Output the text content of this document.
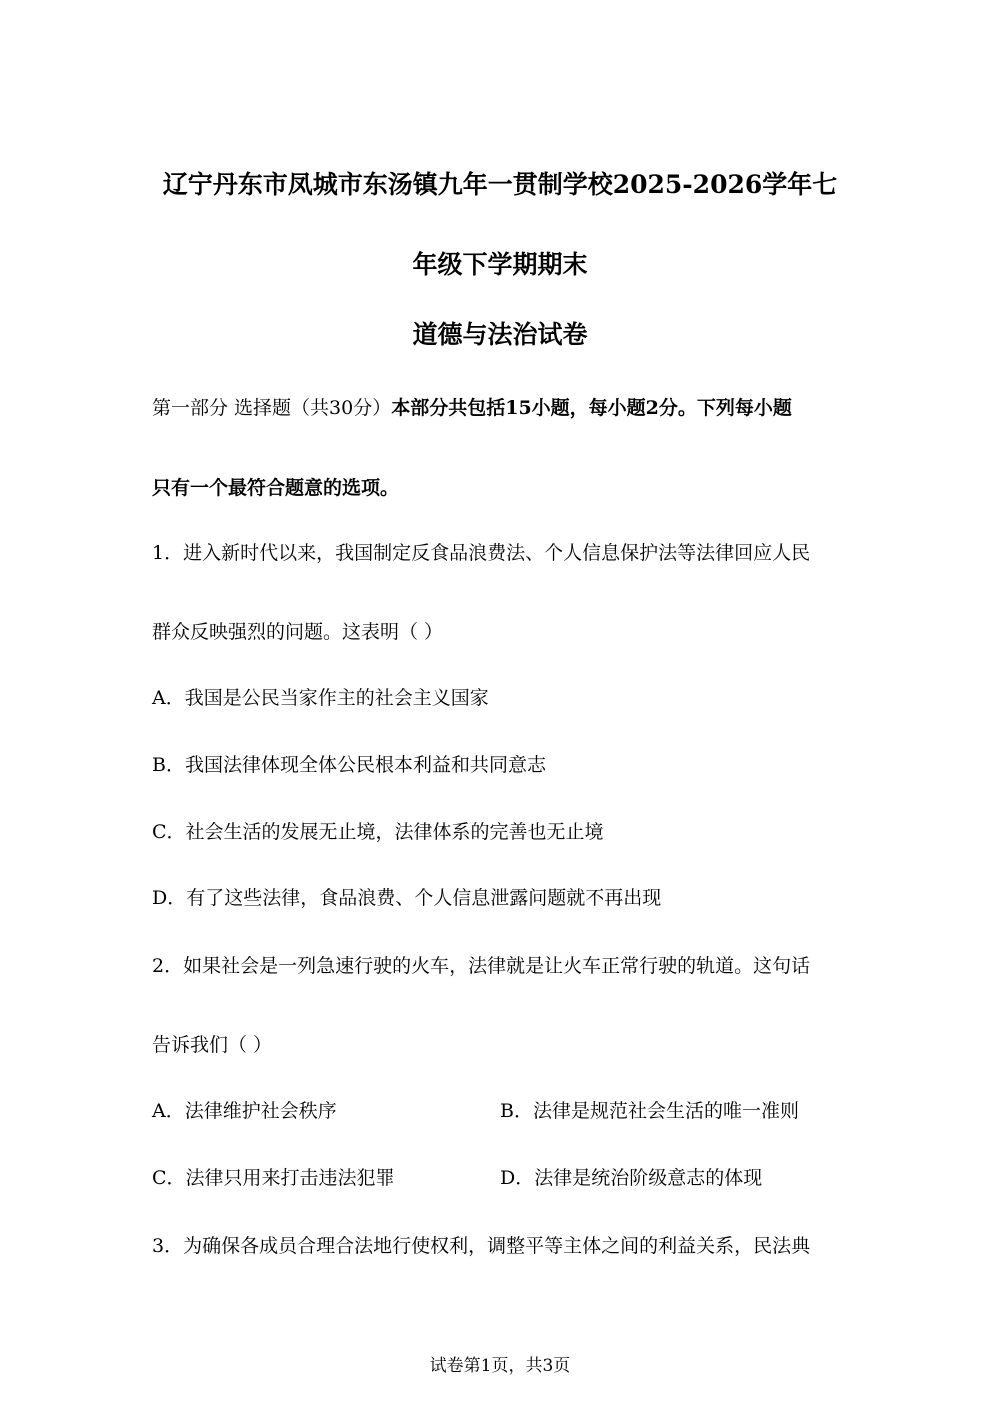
辽宁丹东市凤城市东汤镇九年一贯制学校2025-2026学年七
年级下学期期末
道德与法治试卷
第一部分 选择题（共30分）本部分共包括15小题，每小题2分。下列每小题
只有一个最符合题意的选项。
1．进入新时代以来，我国制定反食品浪费法、个人信息保护法等法律回应人民
群众反映强烈的问题。这表明（ ）
A．我国是公民当家作主的社会主义国家
B．我国法律体现全体公民根本利益和共同意志
C．社会生活的发展无止境，法律体系的完善也无止境
D．有了这些法律，食品浪费、个人信息泄露问题就不再出现
2．如果社会是一列急速行驶的火车，法律就是让火车正常行驶的轨道。这句话
告诉我们（ ）
A．法律维护社会秩序	B．法律是规范社会生活的唯一准则
C．法律只用来打击违法犯罪	D．法律是统治阶级意志的体现
3．为确保各成员合理合法地行使权利，调整平等主体之间的利益关系，民法典
试卷第1页，共3页
